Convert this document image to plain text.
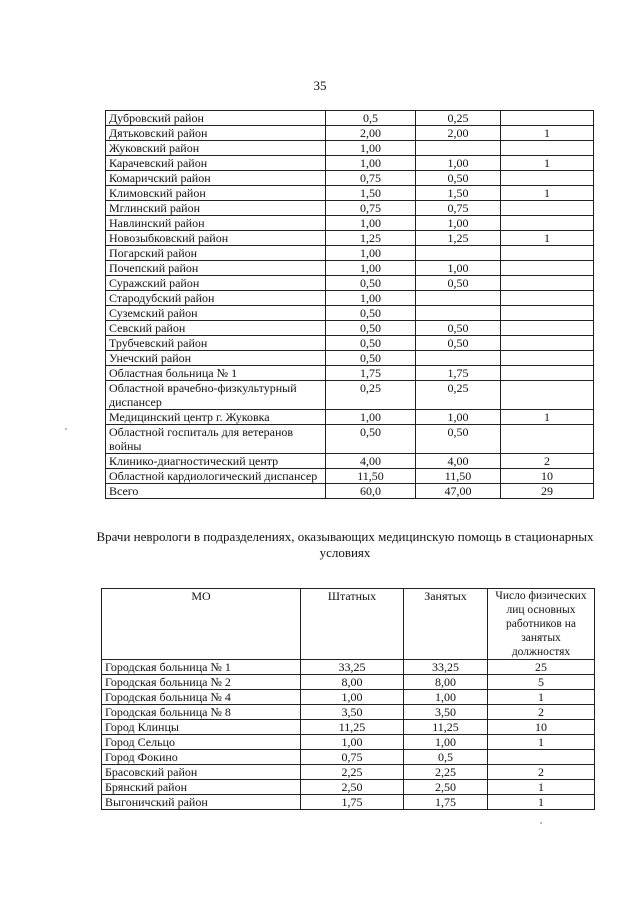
35
Дубровский район	0,5	0,25	
Дятьковский район	2,00	2,00	1
Жуковский район	1,00		
Карачевский район	1,00	1,00	1
Комаричский район	0,75	0,50	
Климовский район	1,50	1,50	1
Мглинский район	0,75	0,75	
Навлинский район	1,00	1,00	
Новозыбковский район	1,25	1,25	1
Погарский район	1,00		
Почепский район	1,00	1,00	
Суражский район	0,50	0,50	
Стародубский район	1,00		
Суземский район	0,50		
Севский район	0,50	0,50	
Трубчевский район	0,50	0,50	
Унечский район	0,50		
Областная больница № 1	1,75	1,75	
Областной врачебно-физкультурный диспансер	0,25	0,25	
Медицинский центр г. Жуковка	1,00	1,00	1
Областной госпиталь для ветеранов войны	0,50	0,50	
Клинико-диагностический центр	4,00	4,00	2
Областной кардиологический диспансер	11,50	11,50	10
Всего	60,0	47,00	29
Врачи неврологи в подразделениях, оказывающих медицинскую помощь в стационарных условиях
МО	Штатных	Занятых	Число физических лиц основных работников на занятых должностях
Городская больница № 1	33,25	33,25	25
Городская больница № 2	8,00	8,00	5
Городская больница № 4	1,00	1,00	1
Городская больница № 8	3,50	3,50	2
Город Клинцы	11,25	11,25	10
Город Сельцо	1,00	1,00	1
Город Фокино	0,75	0,5	
Брасовский район	2,25	2,25	2
Брянский район	2,50	2,50	1
Выгоничский район	1,75	1,75	1
